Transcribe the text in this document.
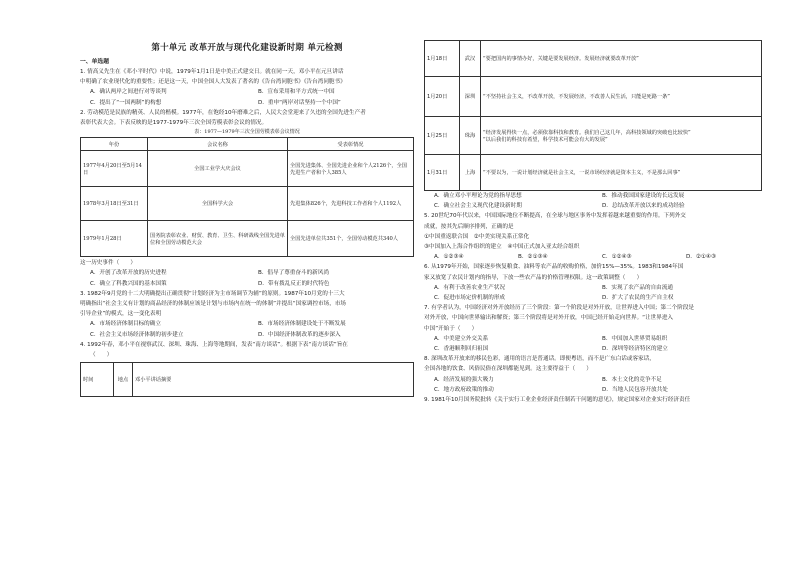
第十单元 改革开放与现代化建设新时期 单元检测
一、单选题
1. 情高义先生在《邓小平时代》中说，1979年1月1日是中美正式建交日。就在同一天，邓小平在元旦讲话
中明确了农业现代化的重要性；还是这一天，中国全国人大发表了著名的《告台湾同胞书》《告台湾同胞书》
A．确认两岸之间进行对等谈判	B．宣布采用和平方式统一中国
C．提出了“一国两制”的构想	D．重申“两岸对话坚持一个中国”
2. 劳动模范是民族的精英、人民的楷模。1977年，在饱经10年磨难之后，人民大会堂迎来了久违的全国先进生产者
表彰代表大会。下表反映的是1977-1979年三次全国劳模表彰会议的情况。
表：1977—1979年三次全国劳模表彰会议情况
年份	会议名称	受表彰情况
1977年4月20日至5月14日	全国工业学大庆会议	全国先进集体、全国先进企业和个人2126个，全国先进生产者和个人385人
1978年3月18日至31日	全国科学大会	先进集体826个，先进科技工作者和个人1192人
1979年1月28日	国务院表彰农业、财贸、教育、卫生、科研战线全国先进单位和全国劳动模范大会	全国先进单位共351个，全国劳动模范共340人
这一历史事件（　　）
A．开创了改革开放的历史进程	B．倡导了尊重奋斗的新风尚
C．确立了科教兴国的基本国策	D．带有拨乱反正的时代特色
3. 1982年9月党的十二大明确提出正确贯彻“计划经济为主市场调节为辅”的原则。1987年10月党的十三大
明确指出“社会主义有计划的商品经济的体制应该是计划与市场内在统一的体制”并提出“国家调控市场，市场
引导企业”的模式，这一变化表明
A．市场经济体制目标的确立	B．市场经济体制建设处于不断发展
C．社会主义市场经济体制的初步建立	D．中国经济体制改革的逐步深入
4. 1992年春，邓小平在视察武汉、深圳、珠海、上海等地期间，发表“南方谈话”。根据下表“南方谈话”旨在
（　　）
时间	地点	邓小平讲话摘要
1月18日	武汉	“要把国内的事情办好，关键是要发展经济。发展经济就要改革开放”
1月20日	深圳	“不坚持社会主义，不改革开放，不发展经济，不改善人民生活，只能是死路一条”
1月25日	珠海	“经济发展得快一点，必须依靠科技和教育。我们自己这几年，高科技领域的突破也比较快”
“以后我们的科技有希望，科学技术可能会有大的发展”

1月31日	上海	“不要以为，一说计划经济就是社会主义，一说市场经济就是资本主义，不是那么回事”
A．确立邓小平理论为党的指导思想	B．推动我国国家建设的长远发展
C．确立社会主义现代化建设新时期	D．总结改革开放以来的成功经验
5. 20世纪70年代以来，中国国际地位不断提高，在全球与地区事务中发挥着越来越重要的作用。下列外交
成就，按其先后顺序排列，正确的是
①中国重返联合国　②中美实现关系正常化
③中国加入上海合作组织的建立　④中国正式加入亚太经合组织
A．①②③④	B．②①③④	C．①②④③	D．②①④③
6. 从1979年开始，国家逐步恢复粮食、油料等农产品的收购价格，加价15%—35%。1983和1984年国
家又放宽了农民计划内的指导，下放一些农产品的价格管理权限。这一政策调整（　　）
A．有利于改善农业生产状况	B．实现了农产品的自由流通
C．促进市场定价机制的形成	D．扩大了农民的生产自主权
7. 有学者认为，中国经济对外开放经历了三个阶段：第一个阶段是对外开放，让世界进入中国；第二个阶段是
对外开放，中国向世界输出和解资；第三个阶段将是对外开放，中国已经开始走向世界。“让世界进入
中国”开始于（　　）
A．中美建立外交关系	B．中国加入世界贸易组织
C．香港顺利回归祖国	D．深圳等经济特区的建立
8. 深圳改革开放来的移民色彩，通用的语言是普通话。即便粤语，而不是广东白话或客家话，
全国各地的饮食、风俗民俗在深圳都能见到。这主要得益于（　　）
A．经济发展的强大吸力	B．本土文化的竞争不足
C．地方政府政策的推动	D．当地人民包容开放共处
9. 1981年10月国务院批转《关于实行工业企业经济责任制若干问题的意见》，规定国家对企业实行经济责任
